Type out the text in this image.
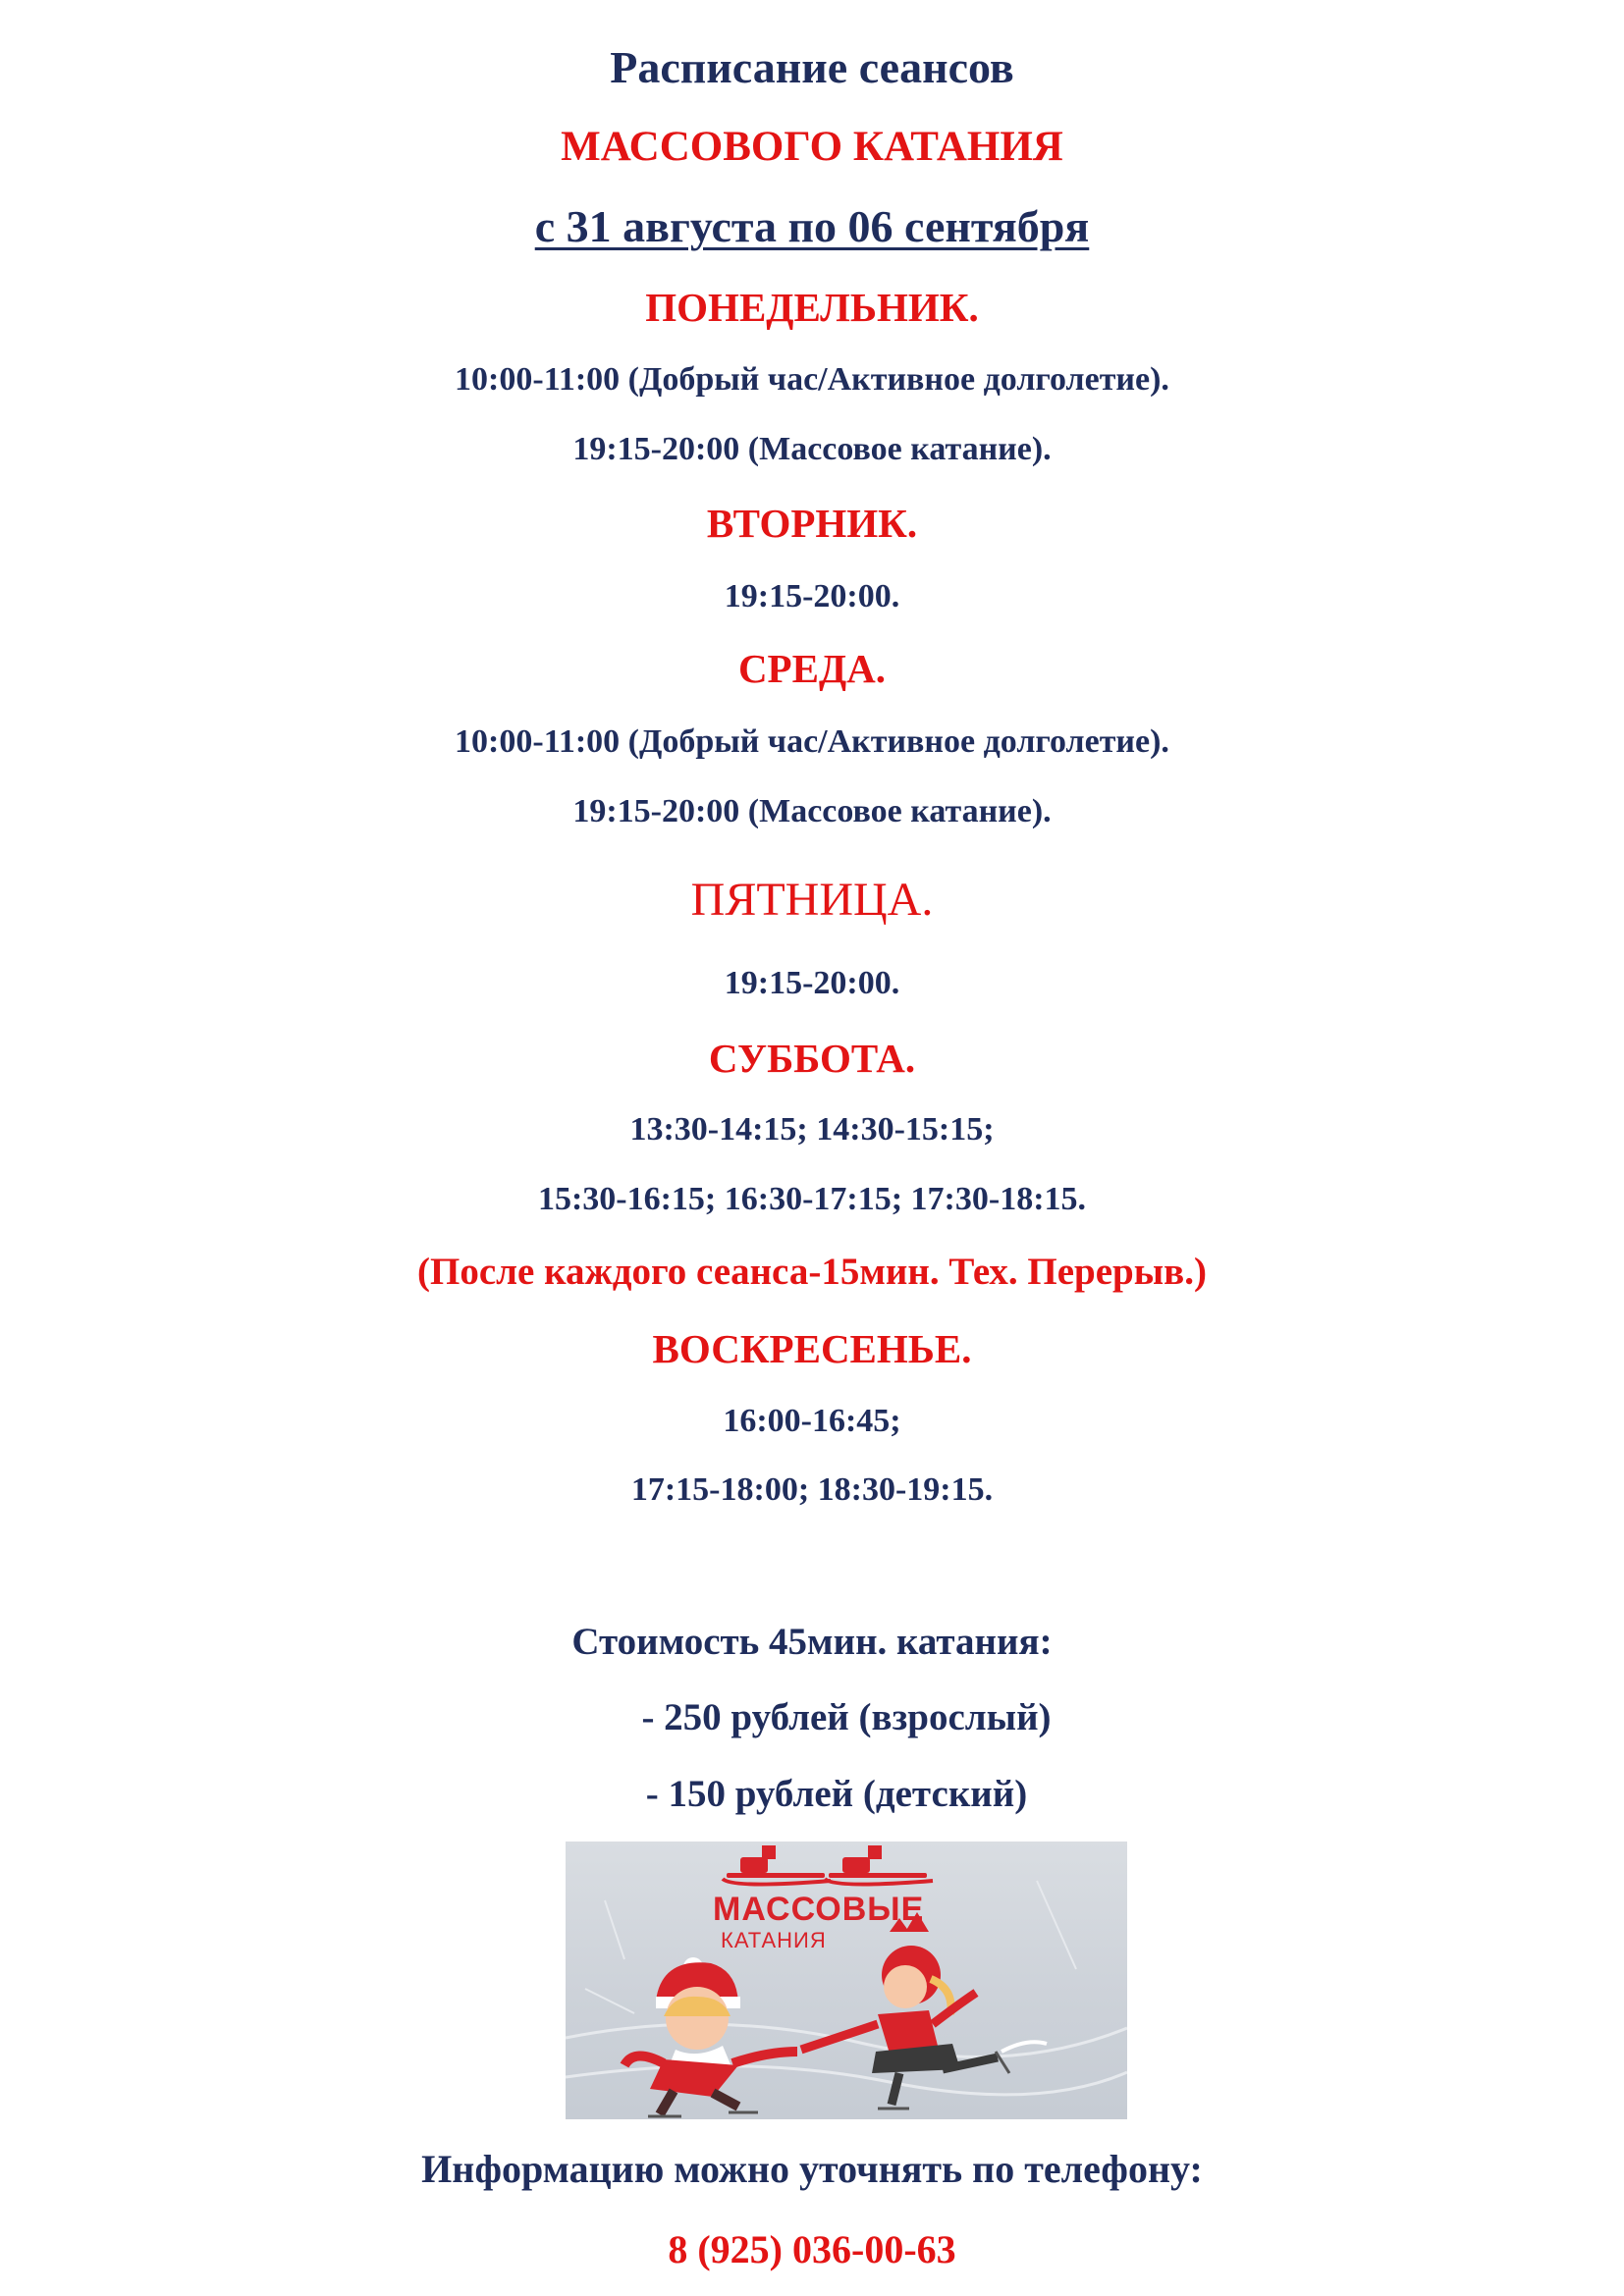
Расписание сеансов
МАССОВОГО КАТАНИЯ
с 31 августа по 06 сентября
ПОНЕДЕЛЬНИК.
10:00-11:00 (Добрый час/Активное долголетие).
19:15-20:00 (Массовое катание).
ВТОРНИК.
19:15-20:00.
СРЕДА.
10:00-11:00 (Добрый час/Активное долголетие).
19:15-20:00 (Массовое катание).
ПЯТНИЦА.
19:15-20:00.
СУББОТА.
13:30-14:15; 14:30-15:15;
15:30-16:15; 16:30-17:15; 17:30-18:15.
(После каждого сеанса-15мин. Тех. Перерыв.)
ВОСКРЕСЕНЬЕ.
16:00-16:45;
17:15-18:00; 18:30-19:15.
Стоимость 45мин. катания:
- 250 рублей (взрослый)
- 150 рублей (детский)
МАССОВЫЕ
КАТАНИЯ
Информацию можно уточнять по телефону:
8 (925) 036-00-63
